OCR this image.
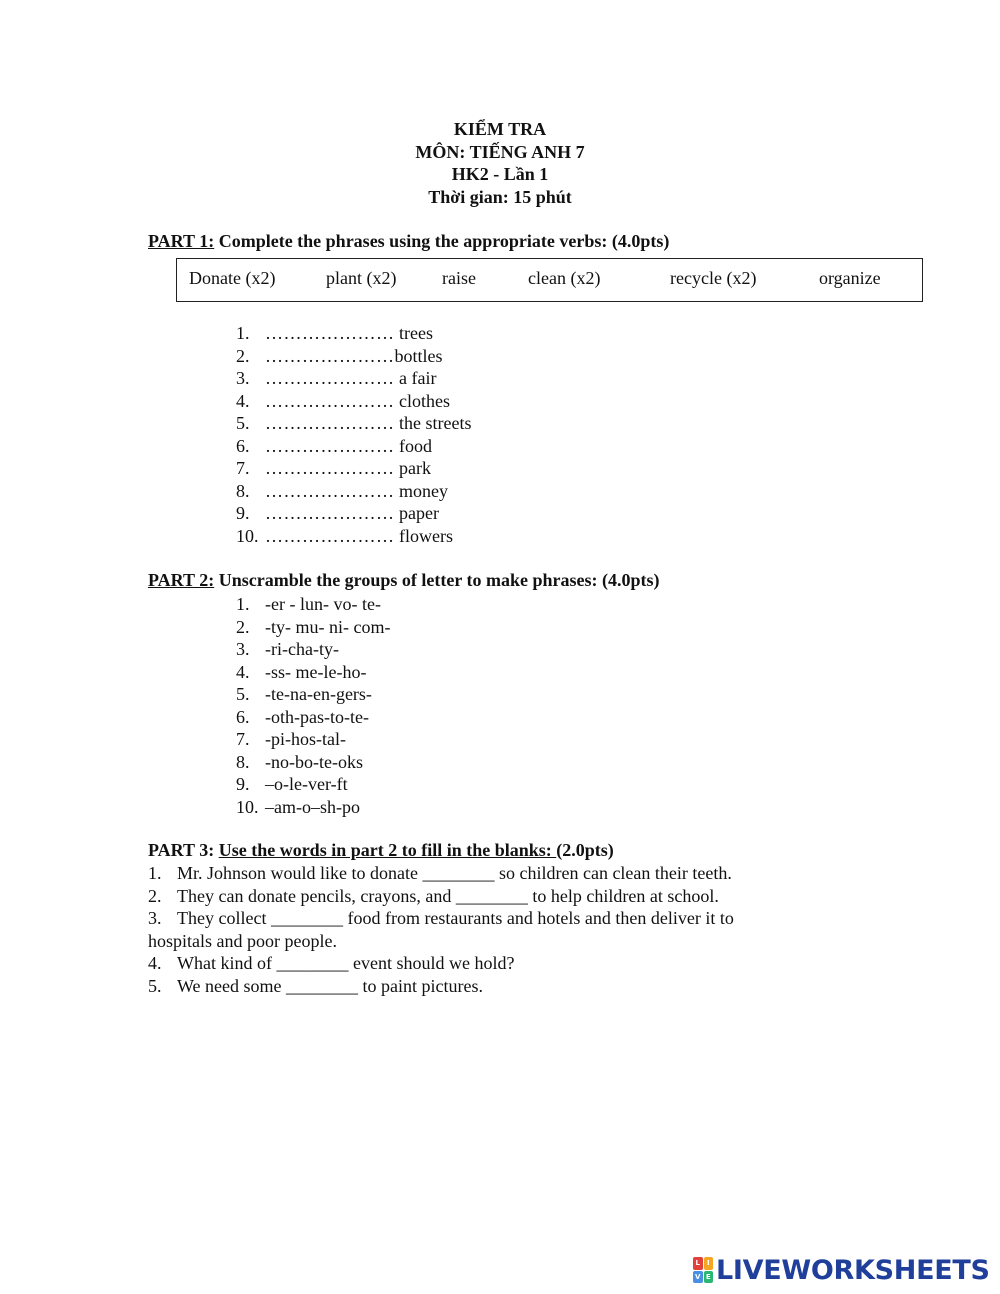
KIỂM TRA
MÔN: TIẾNG ANH 7
HK2 - Lần 1
Thời gian: 15 phút
PART 1: Complete the phrases using the appropriate verbs: (4.0pts)
Donate (x2)	plant (x2)	raise	clean (x2)	recycle (x2)	organize
1. ………………… trees
2. ………………… bottles
3. ………………… a fair
4. ………………… clothes
5. ………………… the streets
6. ………………… food
7. ………………… park
8. ………………… money
9. ………………… paper
10. ………………… flowers
PART 2: Unscramble the groups of letter to make phrases: (4.0pts)
1. -er - lun- vo- te-
2. -ty- mu- ni- com-
3. -ri-cha-ty-
4. -ss- me-le-ho-
5. -te-na-en-gers-
6. -oth-pas-to-te-
7. -pi-hos-tal-
8. -no-bo-te-oks
9. –o-le-ver-ft
10. –am-o–sh-po
PART 3: Use the words in part 2 to fill in the blanks: (2.0pts)
1. Mr. Johnson would like to donate ________ so children can clean their teeth.
2. They can donate pencils, crayons, and ________ to help children at school.
3. They collect ________ food from restaurants and hotels and then deliver it to
hospitals and poor people.
4. What kind of ________ event should we hold?
5. We need some ________ to paint pictures.
L I
V E LIVEWORKSHEETS
